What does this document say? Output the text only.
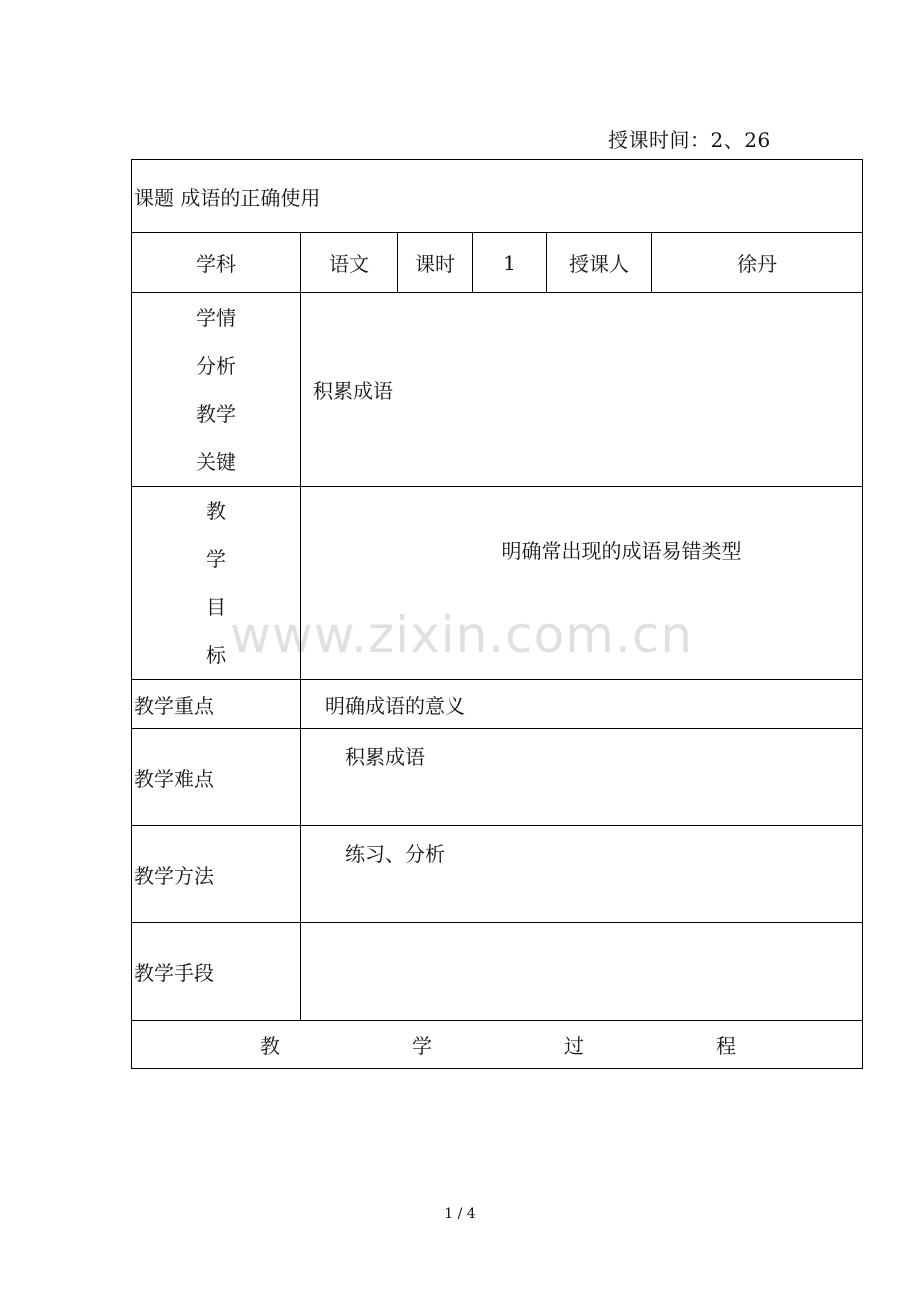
授课时间：2、26
课题 成语的正确使用					
学科	语文	课时	1	授课人	徐丹

学情
分析
教学
关键	积累成语				

教
学
目
标	明确常出现的成语易错类型				
教学重点	明确成语的意义				
教学难点	积累成语				
教学方法	练习、分析				
教学手段					

教 学 过 程					
www.zixin.com.cn
1 / 4
